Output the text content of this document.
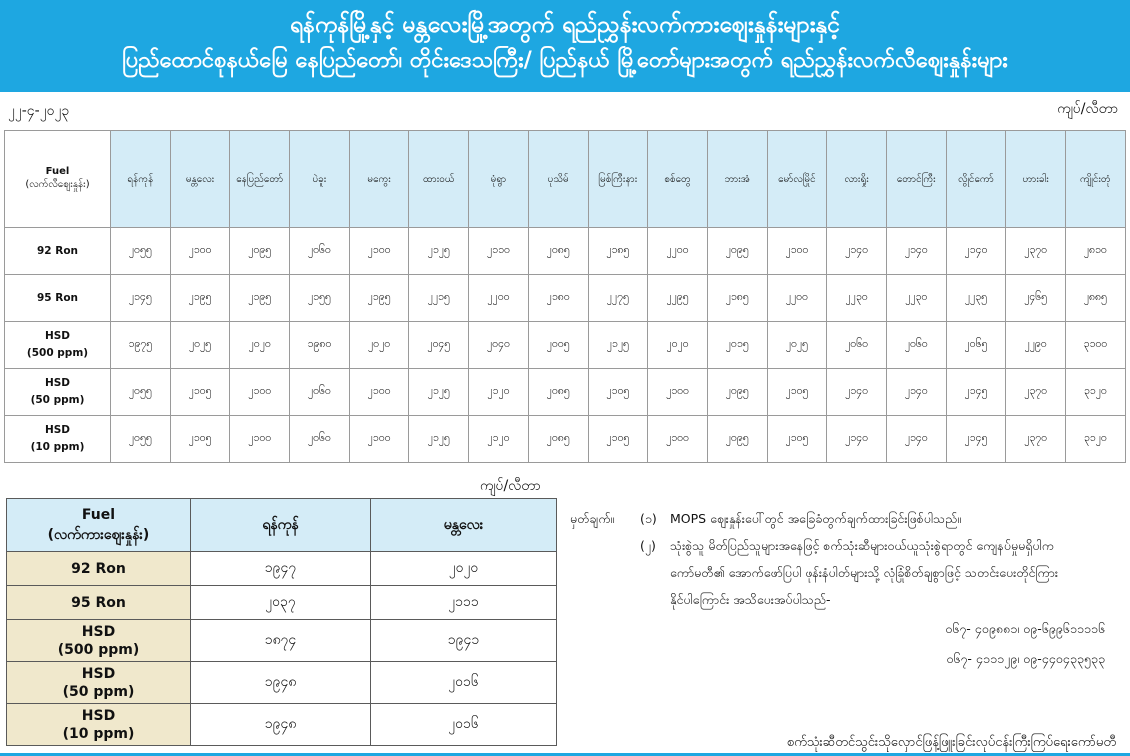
ရန်ကုန်မြို့နှင့် မန္တလေးမြို့အတွက် ရည်ညွှန်းလက်ကားဈေးနှုန်းများနှင့်
ပြည်ထောင်စုနယ်မြေ နေပြည်တော်၊ တိုင်းဒေသကြီး/ ပြည်နယ် မြို့တော်များအတွက် ရည်ညွှန်းလက်လီဈေးနှုန်းများ
၂၂-၄-၂၀၂၃	ကျပ်/လီတာ
Fuel
(လက်လီဈေးနှုန်း)	ရန်ကုန်	မန္တလေး	နေပြည်တော်	ပဲခူး	မကွေး	ထားဝယ်	မုံရွာ	ပုသိမ်	မြစ်ကြီးနား	စစ်တွေ	ဘားအံ	မော်လမြိုင်	လားရှိုး	တောင်ကြီး	လွိုင်ကော်	ဟားခါး	ကျိုင်းတုံ
92 Ron	၂၀၅၅	၂၁၀၀	၂၀၉၅	၂၀၆၀	၂၁၀၀	၂၁၂၅	၂၁၁၀	၂၀၈၅	၂၁၈၅	၂၂၀၀	၂၀၉၅	၂၁၀၀	၂၁၄၀	၂၁၄၀	၂၁၄၀	၂၃၇၀	၂၈၁၀
95 Ron	၂၁၄၅	၂၁၉၅	၂၁၉၅	၂၁၅၅	၂၁၉၅	၂၂၁၅	၂၂၀၀	၂၁၈၀	၂၂၇၅	၂၂၉၅	၂၁၈၅	၂၂၀၀	၂၂၃၀	၂၂၃၀	၂၂၃၅	၂၄၆၅	၂၈၈၅
HSD
(500 ppm)	၁၉၇၅	၂၀၂၅	၂၀၂၀	၁၉၈၀	၂၀၂၀	၂၀၄၅	၂၀၄၀	၂၀၀၅	၂၁၂၅	၂၀၂၀	၂၀၁၅	၂၀၂၅	၂၀၆၀	၂၀၆၀	၂၀၆၅	၂၂၉၀	၃၁၀၀
HSD
(50 ppm)	၂၀၅၅	၂၁၀၅	၂၁၀၀	၂၀၆၀	၂၁၀၀	၂၁၂၅	၂၁၂၀	၂၀၈၅	၂၁၀၅	၂၁၀၀	၂၀၉၅	၂၁၀၅	၂၁၄၀	၂၁၄၀	၂၁၄၅	၂၃၇၀	၃၁၂၀
HSD
(10 ppm)	၂၀၅၅	၂၁၀၅	၂၁၀၀	၂၀၆၀	၂၁၀၀	၂၁၂၅	၂၁၂၀	၂၀၈၅	၂၁၀၅	၂၁၀၀	၂၀၉၅	၂၁၀၅	၂၁၄၀	၂၁၄၀	၂၁၄၅	၂၃၇၀	၃၁၂၀
ကျပ်/လီတာ
Fuel
(လက်ကားဈေးနှုန်း)	ရန်ကုန်	မန္တလေး
92 Ron	၁၉၄၇	၂၀၂၀
95 Ron	၂၀၃၇	၂၁၁၁
HSD
(500 ppm)	၁၈၇၄	၁၉၄၁
HSD
(50 ppm)	၁၉၄၈	၂၀၁၆
HSD
(10 ppm)	၁၉၄၈	၂၀၁၆
မှတ်ချက်။ (၁) MOPS ဈေးနှုန်းပေါ်တွင် အခြေခံတွက်ချက်ထားခြင်းဖြစ်ပါသည်။
(၂) သုံးစွဲသူ မိတ်ပြည်သူများအနေဖြင့် စက်သုံးဆီများဝယ်ယူသုံးစွဲရာတွင် ကျေနပ်မှုမရှိပါက
ကော်မတီ၏ အောက်ဖော်ပြပါ ဖုန်းနံပါတ်များသို့ လုံခြုံစိတ်ချစွာဖြင့် သတင်းပေးတိုင်ကြား
နိုင်ပါကြောင်း အသိပေးအပ်ပါသည်-
၀၆၇- ၄၀၉၈၈၁၊ ၀၉-၆၉၉၆၁၁၁၁၆
၀၆၇- ၄၁၁၁၂၉၊ ၀၉-၄၄၀၄၃၃၅၃၃
စက်သုံးဆီတင်သွင်းသိုလှောင်ဖြန့်ဖြူးခြင်းလုပ်ငန်းကြီးကြပ်ရေးကော်မတီ
